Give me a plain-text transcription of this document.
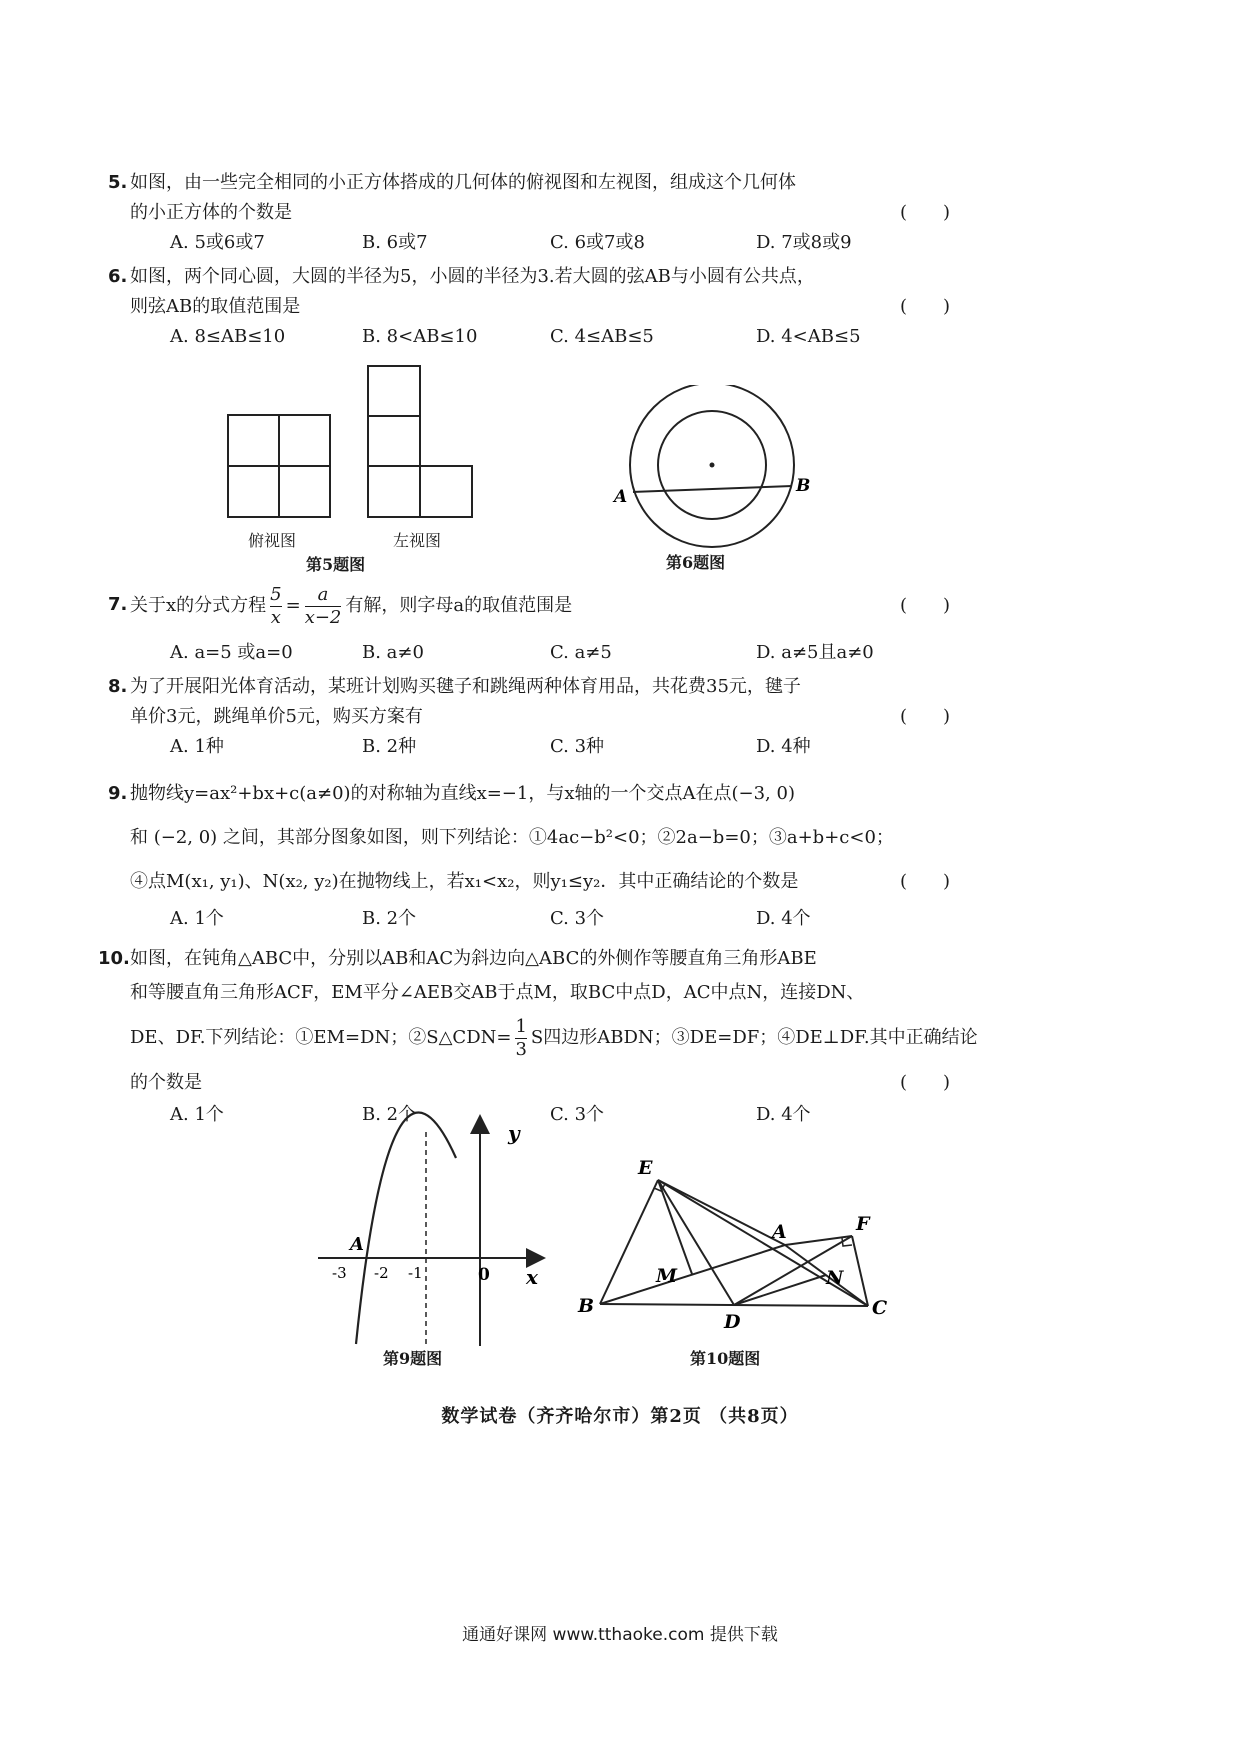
5. 如图，由一些完全相同的小正方体搭成的几何体的俯视图和左视图，组成这个几何体
的小正方体的个数是	(　　)
A. 5或6或7	B. 6或7	C. 6或7或8	D. 7或8或9
6. 如图，两个同心圆，大圆的半径为5，小圆的半径为3.若大圆的弦AB与小圆有公共点，
则弦AB的取值范围是	(　　)
A. 8≤AB≤10	B. 8<AB≤10	C. 4≤AB≤5	D. 4<AB≤5
俯视图	左视图
第5题图
A
B
第6题图
7. 关于x的分式方程 $\frac{5}{x} = \frac{a}{x-2}$ 有解，则字母a的取值范围是	(　　)
A. a=5 或a=0	B. a≠0	C. a≠5	D. a≠5且a≠0
8. 为了开展阳光体育活动，某班计划购买毽子和跳绳两种体育用品，共花费35元，毽子
单价3元，跳绳单价5元，购买方案有	(　　)
A. 1种	B. 2种	C. 3种	D. 4种
9. 抛物线y=ax²+bx+c(a≠0)的对称轴为直线x=−1，与x轴的一个交点A在点(−3, 0)
和 (−2, 0) 之间，其部分图象如图，则下列结论：①4ac−b²<0；②2a−b=0；③a+b+c<0；
④点M(x₁, y₁)、N(x₂, y₂)在抛物线上，若x₁<x₂，则y₁≤y₂．其中正确结论的个数是	(　　)
A. 1个	B. 2个	C. 3个	D. 4个
10. 如图，在钝角△ABC中，分别以AB和AC为斜边向△ABC的外侧作等腰直角三角形ABE
和等腰直角三角形ACF，EM平分∠AEB交AB于点M，取BC中点D，AC中点N，连接DN、
DE、DF.下列结论：①EM=DN；②S△CDN= $\frac{1}{3}$ S四边形ABDN；③DE=DF；④DE⊥DF.其中正确结论
的个数是	(　　)
A. 1个	B. 2个	C. 3个	D. 4个
y
x
0
A
-3 -2 -1
第9题图
E
A	F
M	N
B
D
C
第10题图
数学试卷（齐齐哈尔市）第2页 （共8页）
通通好课网 www.tthaoke.com 提供下载
